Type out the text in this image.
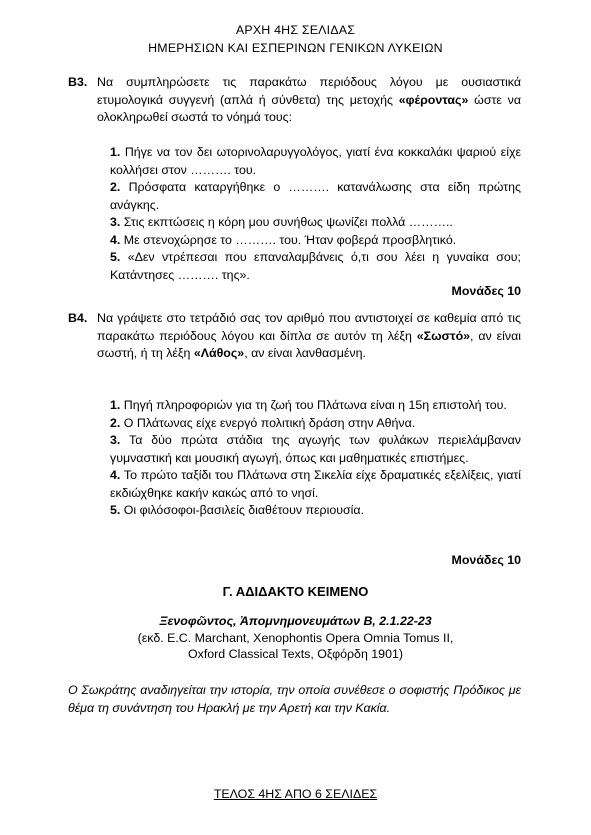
ΑΡΧΗ 4ΗΣ ΣΕΛΙΔΑΣ
ΗΜΕΡΗΣΙΩΝ ΚΑΙ ΕΣΠΕΡΙΝΩΝ ΓΕΝΙΚΩΝ ΛΥΚΕΙΩΝ
Β3. Να συμπληρώσετε τις παρακάτω περιόδους λόγου με ουσιαστικά ετυμολογικά συγγενή (απλά ή σύνθετα) της μετοχής «φέροντας» ώστε να ολοκληρωθεί σωστά το νόημά τους:

1. Πήγε να τον δει ωτορινολαρυγγολόγος, γιατί ένα κοκκαλάκι ψαριού είχε κολλήσει στον ………. του.

2. Πρόσφατα καταργήθηκε ο ………. κατανάλωσης στα είδη πρώτης ανάγκης.

3. Στις εκπτώσεις η κόρη μου συνήθως ψωνίζει πολλά ………..

4. Με στενοχώρησε το ………. του. Ήταν φοβερά προσβλητικό.

5. «Δεν ντρέπεσαι που επαναλαμβάνεις ό,τι σου λέει η γυναίκα σου; Κατάντησες ………. της».

Μονάδες 10
Β4. Να γράψετε στο τετράδιό σας τον αριθμό που αντιστοιχεί σε καθεμία από τις παρακάτω περιόδους λόγου και δίπλα σε αυτόν τη λέξη «Σωστό», αν είναι σωστή, ή τη λέξη «Λάθος», αν είναι λανθασμένη.

1. Πηγή πληροφοριών για τη ζωή του Πλάτωνα είναι η 15η επιστολή του.

2. Ο Πλάτωνας είχε ενεργό πολιτική δράση στην Αθήνα.

3. Τα δύο πρώτα στάδια της αγωγής των φυλάκων περιελάμβαναν γυμναστική και μουσική αγωγή, όπως και μαθηματικές επιστήμες.

4. Το πρώτο ταξίδι του Πλάτωνα στη Σικελία είχε δραματικές εξελίξεις, γιατί εκδιώχθηκε κακήν κακώς από το νησί.

5. Οι φιλόσοφοι-βασιλείς διαθέτουν περιουσία.

Μονάδες 10
Γ. ΑΔΙΔΑΚΤΟ ΚΕΙΜΕΝΟ
Ξενοφῶντος, Ἀπομνημονευμάτων Β, 2.1.22-23
(εκδ. E.C. Marchant, Xenophontis Opera Omnia Tomus II,
Oxford Classical Texts, Οξφόρδη 1901)
Ο Σωκράτης αναδιηγείται την ιστορία, την οποία συνέθεσε ο σοφιστής Πρόδικος με θέμα τη συνάντηση του Ηρακλή με την Αρετή και την Κακία.
ΤΕΛΟΣ 4ΗΣ ΑΠΟ 6 ΣΕΛΙΔΕΣ
